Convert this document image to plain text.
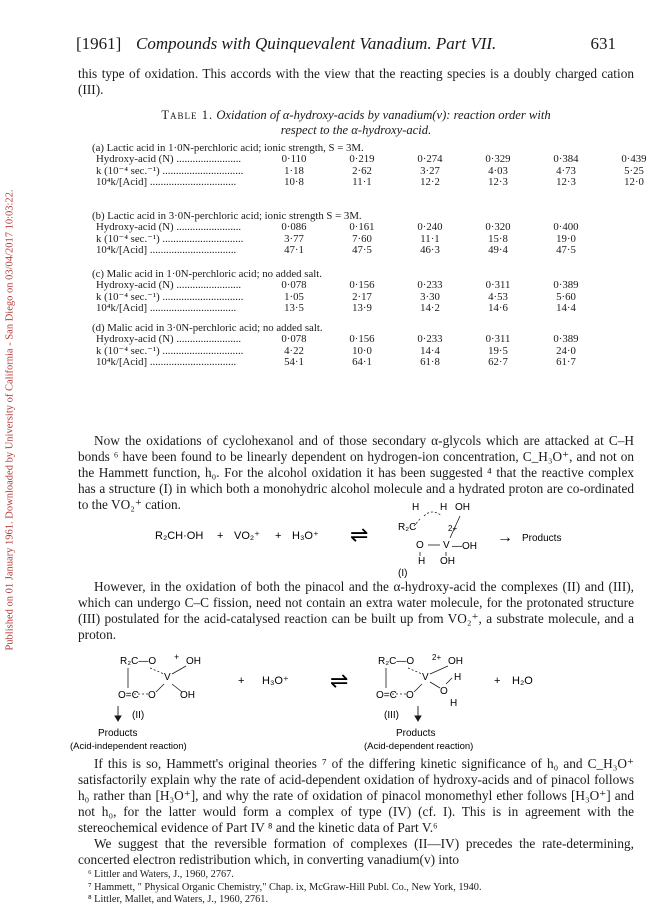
Published on 01 January 1961. Downloaded by University of California - San Diego on 03/04/2017 10:03:22.
[1961] Compounds with Quinquevalent Vanadium. Part VII.	631

this type of oxidation. This accords with the view that the reacting species is a doubly charged cation (III).

Table 1. Oxidation of α-hydroxy-acids by vanadium(v): reaction order with
respect to the α-hydroxy-acid.
(a) Lactic acid in 1·0N-perchloric acid; ionic strength, S = 3M.
Hydroxy-acid (N) ........................	0·110	0·219	0·274	0·329	0·384	0·439
k (10⁻⁴ sec.⁻¹) ..............................	1·18	2·62	3·27	4·03	4·73	5·25
10⁴k/[Acid] ................................	10·8	11·1	12·2	12·3	12·3	12·0
(b) Lactic acid in 3·0N-perchloric acid; ionic strength S = 3M.
Hydroxy-acid (N) ........................	0·086	0·161	0·240	0·320	0·400
k (10⁻⁴ sec.⁻¹) ..............................	3·77	7·60	11·1	15·8	19·0
10⁴k/[Acid] ................................	47·1	47·5	46·3	49·4	47·5
(c) Malic acid in 1·0N-perchloric acid; no added salt.
Hydroxy-acid (N) ........................	0·078	0·156	0·233	0·311	0·389
k (10⁻⁴ sec.⁻¹) ..............................	1·05	2·17	3·30	4·53	5·60
10⁴k/[Acid] ................................	13·5	13·9	14·2	14·6	14·4
(d) Malic acid in 3·0N-perchloric acid; no added salt.
Hydroxy-acid (N) ........................	0·078	0·156	0·233	0·311	0·389
k (10⁻⁴ sec.⁻¹) ..............................	4·22	10·0	14·4	19·5	24·0
10⁴k/[Acid] ................................	54·1	64·1	61·8	62·7	61·7

Now the oxidations of cyclohexanol and of those secondary α-glycols which are attacked at C–H bonds ⁶ have been found to be linearly dependent on hydrogen-ion concentration, C_H₃O⁺, and not on the Hammett function, h₀. For the alcohol oxidation it has been suggested ⁴ that the reactive complex has a structure (I) in which both a monohydric alcohol molecule and a hydrated proton are co-ordinated to the VO₂⁺ cation.

R₂CH·OH + VO₂⁺ + H₃O⁺ ⇌
H H OH
R₂C	2+
O V —OH
H OH
→ Products
(I)

However, in the oxidation of both the pinacol and the α-hydroxy-acid the complexes (II) and (III), which can undergo C–C fission, need not contain an extra water molecule, for the protonated structure (III) postulated for the acid-catalysed reaction can be built up from VO₂⁺, a substrate molecule, and a proton.

R₂C—O + OH
V
O=C O OH
(II)
+ H₃O⁺ ⇌
R₂C—O 2+ OH
V	H
O=C O	O
H
(III)
+ H₂O
Products
(Acid-independent reaction)
Products
(Acid-dependent reaction)

If this is so, Hammett's original theories ⁷ of the differing kinetic significance of h₀ and C_H₃O⁺ satisfactorily explain why the rate of acid-dependent oxidation of hydroxy-acids and of pinacol follows h₀ rather than [H₃O⁺], and why the rate of oxidation of pinacol monomethyl ether follows [H₃O⁺] and not h₀, for the latter would form a complex of type (IV) (cf. I). This is in agreement with the stereochemical evidence of Part IV ⁸ and the kinetic data of Part V.⁶

We suggest that the reversible formation of complexes (II—IV) precedes the rate-determining, concerted electron redistribution which, in converting vanadium(v) into

⁶ Littler and Waters, J., 1960, 2767.
⁷ Hammett, " Physical Organic Chemistry," Chap. ix, McGraw-Hill Publ. Co., New York, 1940.
⁸ Littler, Mallet, and Waters, J., 1960, 2761.
